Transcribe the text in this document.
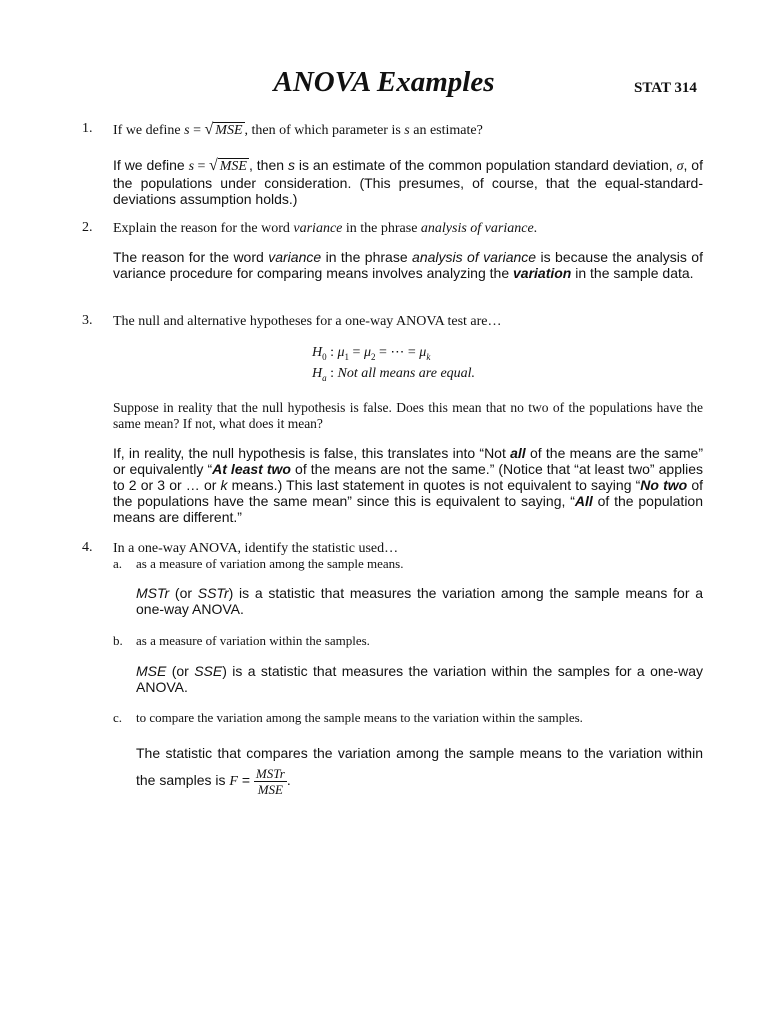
ANOVA Examples	STAT 314
1. If we define s = √ MSE , then of which parameter is s an estimate?
If we define s = √ MSE , then s is an estimate of the common population standard deviation, σ, of the populations under consideration. (This presumes, of course, that the equal-standard-deviations assumption holds.)
2. Explain the reason for the word variance in the phrase analysis of variance.
The reason for the word variance in the phrase analysis of variance is because the analysis of variance procedure for comparing means involves analyzing the variation in the sample data.
3. The null and alternative hypotheses for a one-way ANOVA test are…
$H_0$ : $\mu_1 = \mu_2$ = ⋯ = $\mu_k$
$H_a$ : Not all means are equal.
Suppose in reality that the null hypothesis is false. Does this mean that no two of the populations have the same mean? If not, what does it mean?
If, in reality, the null hypothesis is false, this translates into “Not all of the means are the same” or equivalently “At least two of the means are not the same.” (Notice that “at least two” applies to 2 or 3 or … or k means.) This last statement in quotes is not equivalent to saying “No two of the populations have the same mean” since this is equivalent to saying, “All of the population means are different.”
4. In a one-way ANOVA, identify the statistic used…
a. as a measure of variation among the sample means.
MSTr (or SSTr) is a statistic that measures the variation among the sample means for a one-way ANOVA.
b. as a measure of variation within the samples.
MSE (or SSE) is a statistic that measures the variation within the samples for a one-way ANOVA.
c. to compare the variation among the sample means to the variation within the samples.
The statistic that compares the variation among the sample means to the variation within the samples is $F = \frac{\text{MSTr}}{\text{MSE}}$ .
